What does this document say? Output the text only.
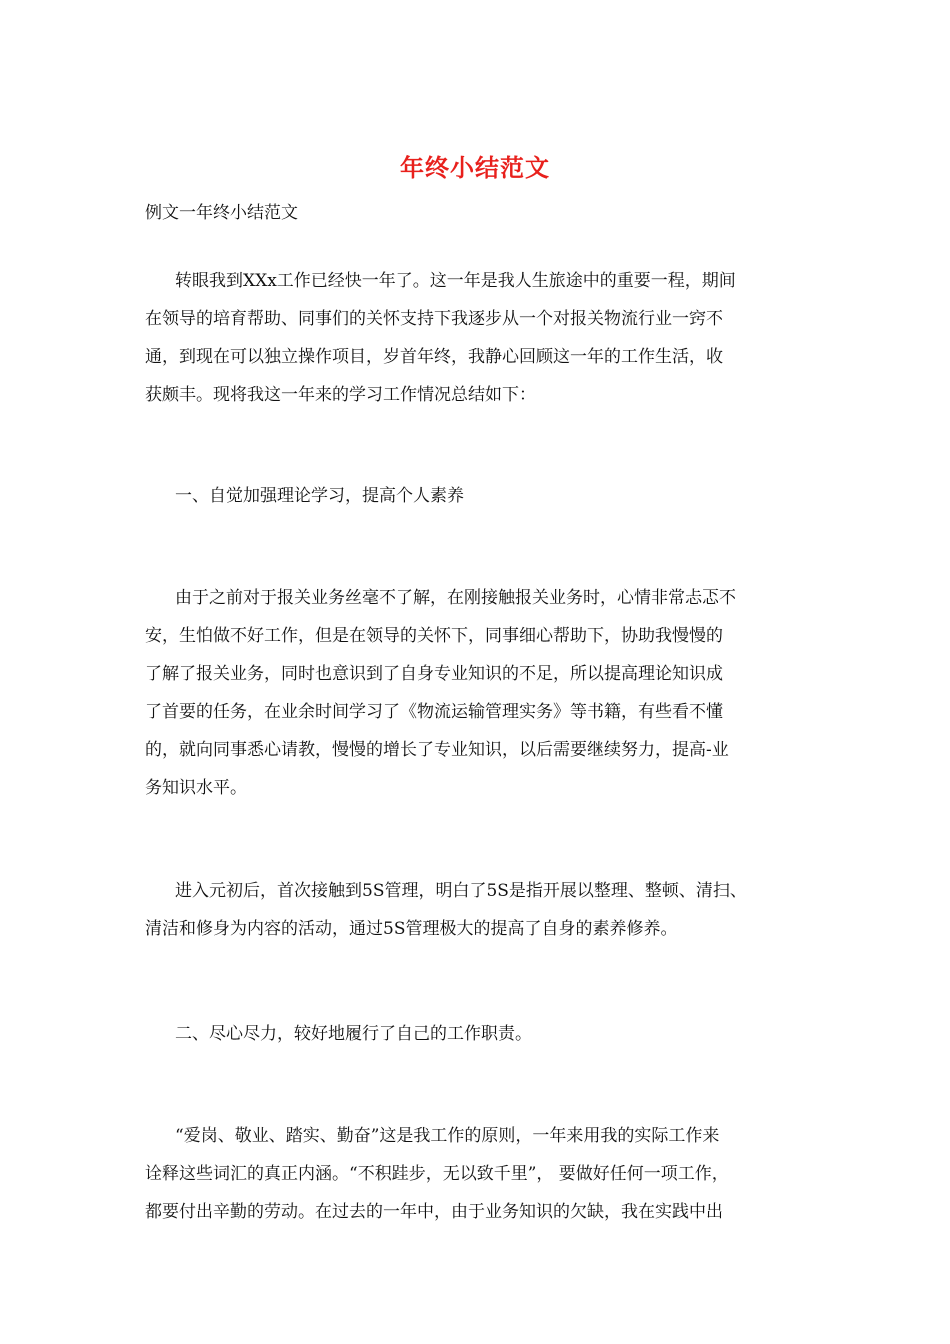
年终小结范文
例文一年终小结范文
转眼我到XXx工作已经快一年了。这一年是我人生旅途中的重要一程，期间
在领导的培育帮助、同事们的关怀支持下我逐步从一个对报关物流行业一窍不
通，到现在可以独立操作项目，岁首年终，我静心回顾这一年的工作生活，收
获颇丰。现将我这一年来的学习工作情况总结如下：
一、自觉加强理论学习，提高个人素养
由于之前对于报关业务丝毫不了解，在刚接触报关业务时，心情非常忐忑不
安，生怕做不好工作，但是在领导的关怀下，同事细心帮助下，协助我慢慢的
了解了报关业务，同时也意识到了自身专业知识的不足，所以提高理论知识成
了首要的任务，在业余时间学习了《物流运输管理实务》等书籍，有些看不懂
的，就向同事悉心请教，慢慢的增长了专业知识，以后需要继续努力，提高-业
务知识水平。
进入元初后，首次接触到5S管理，明白了5S是指开展以整理、整顿、清扫、
清洁和修身为内容的活动，通过5S管理极大的提高了自身的素养修养。
二、尽心尽力，较好地履行了自己的工作职责。
“爱岗、敬业、踏实、勤奋”这是我工作的原则，一年来用我的实际工作来
诠释这些词汇的真正内涵。“不积跬步，无以致千里”， 要做好任何一项工作，
都要付出辛勤的劳动。在过去的一年中，由于业务知识的欠缺，我在实践中出
